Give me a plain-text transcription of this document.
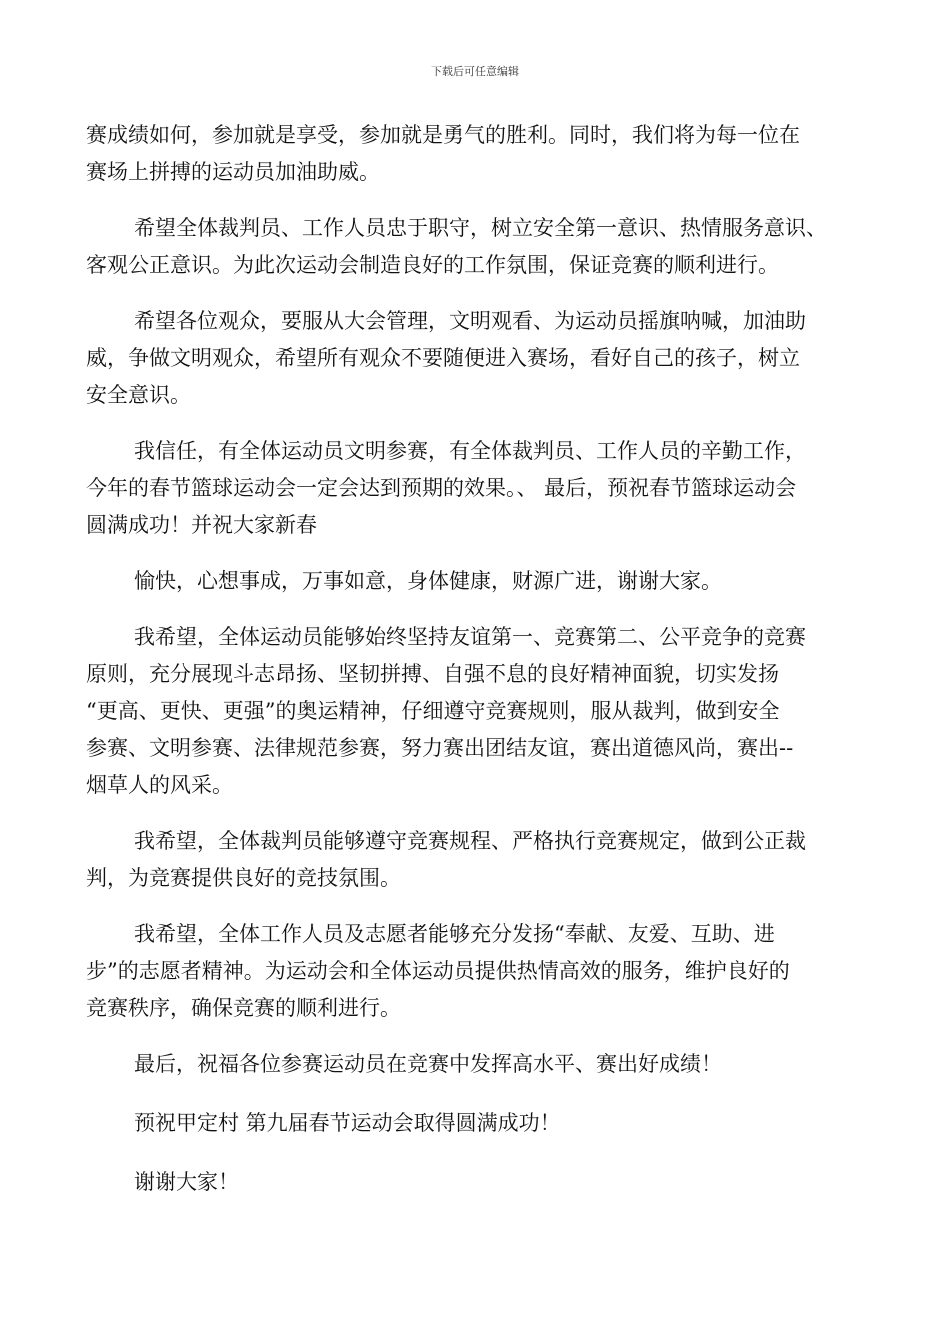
下载后可任意编辑
赛成绩如何，参加就是享受，参加就是勇气的胜利。同时，我们将为每一位在
赛场上拼搏的运动员加油助威。
希望全体裁判员、工作人员忠于职守，树立安全第一意识、热情服务意识、
客观公正意识。为此次运动会制造良好的工作氛围，保证竞赛的顺利进行。
希望各位观众，要服从大会管理，文明观看、为运动员摇旗呐喊，加油助
威，争做文明观众，希望所有观众不要随便进入赛场，看好自己的孩子，树立
安全意识。
我信任，有全体运动员文明参赛，有全体裁判员、工作人员的辛勤工作，
今年的春节篮球运动会一定会达到预期的效果。、 最后，预祝春节篮球运动会
圆满成功！并祝大家新春
愉快，心想事成，万事如意，身体健康，财源广进，谢谢大家。
我希望，全体运动员能够始终坚持友谊第一、竞赛第二、公平竞争的竞赛
原则，充分展现斗志昂扬、坚韧拼搏、自强不息的良好精神面貌，切实发扬
“更高、更快、更强”的奥运精神，仔细遵守竞赛规则，服从裁判，做到安全
参赛、文明参赛、法律规范参赛，努力赛出团结友谊，赛出道德风尚，赛出--
烟草人的风采。
我希望，全体裁判员能够遵守竞赛规程、严格执行竞赛规定，做到公正裁
判，为竞赛提供良好的竞技氛围。
我希望，全体工作人员及志愿者能够充分发扬“奉献、友爱、互助、进
步”的志愿者精神。为运动会和全体运动员提供热情高效的服务，维护良好的
竞赛秩序，确保竞赛的顺利进行。
最后，祝福各位参赛运动员在竞赛中发挥高水平、赛出好成绩！
预祝甲定村 第九届春节运动会取得圆满成功！
谢谢大家！
